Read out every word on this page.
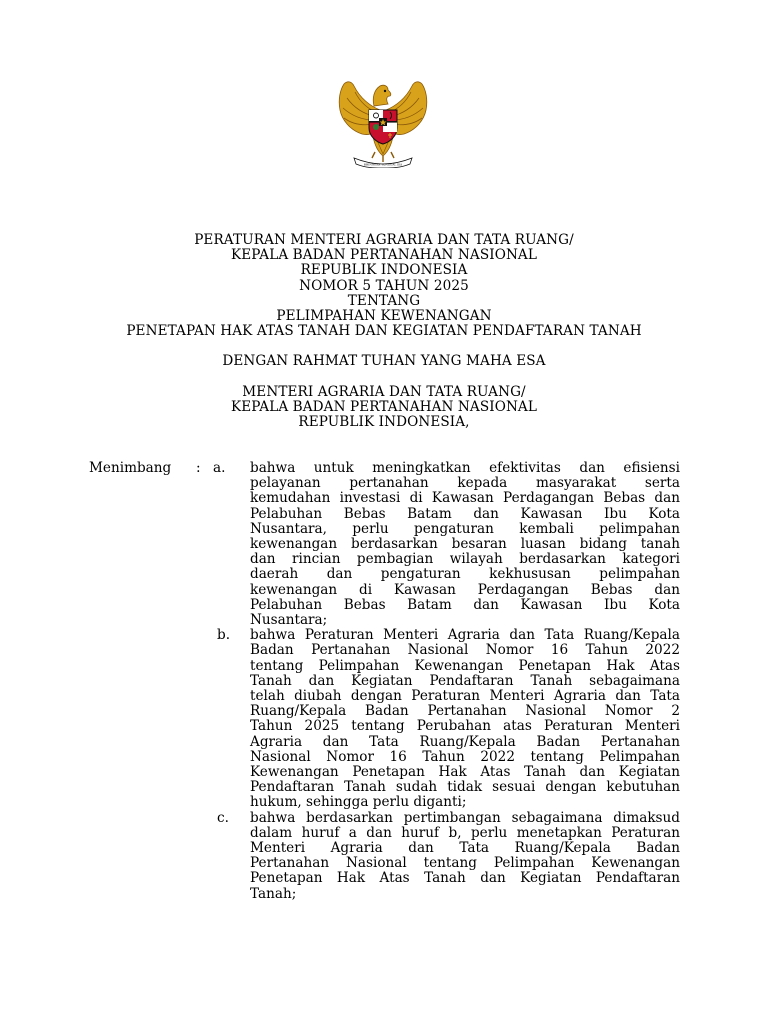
BHINNEKA TUNGGAL IKA
PERATURAN MENTERI AGRARIA DAN TATA RUANG/
KEPALA BADAN PERTANAHAN NASIONAL
REPUBLIK INDONESIA
NOMOR 5 TAHUN 2025
TENTANG
PELIMPAHAN KEWENANGAN
PENETAPAN HAK ATAS TANAH DAN KEGIATAN PENDAFTARAN TANAH
DENGAN RAHMAT TUHAN YANG MAHA ESA
MENTERI AGRARIA DAN TATA RUANG/
KEPALA BADAN PERTANAHAN NASIONAL
REPUBLIK INDONESIA,
Menimbang : a. bahwa untuk meningkatkan efektivitas dan efisiensi
pelayanan pertanahan kepada masyarakat serta
kemudahan investasi di Kawasan Perdagangan Bebas dan
Pelabuhan Bebas Batam dan Kawasan Ibu Kota
Nusantara, perlu pengaturan kembali pelimpahan
kewenangan berdasarkan besaran luasan bidang tanah
dan rincian pembagian wilayah berdasarkan kategori
daerah dan pengaturan kekhususan pelimpahan
kewenangan di Kawasan Perdagangan Bebas dan
Pelabuhan Bebas Batam dan Kawasan Ibu Kota
Nusantara;
b. bahwa Peraturan Menteri Agraria dan Tata Ruang/Kepala
Badan Pertanahan Nasional Nomor 16 Tahun 2022
tentang Pelimpahan Kewenangan Penetapan Hak Atas
Tanah dan Kegiatan Pendaftaran Tanah sebagaimana
telah diubah dengan Peraturan Menteri Agraria dan Tata
Ruang/Kepala Badan Pertanahan Nasional Nomor 2
Tahun 2025 tentang Perubahan atas Peraturan Menteri
Agraria dan Tata Ruang/Kepala Badan Pertanahan
Nasional Nomor 16 Tahun 2022 tentang Pelimpahan
Kewenangan Penetapan Hak Atas Tanah dan Kegiatan
Pendaftaran Tanah sudah tidak sesuai dengan kebutuhan
hukum, sehingga perlu diganti;
c. bahwa berdasarkan pertimbangan sebagaimana dimaksud
dalam huruf a dan huruf b, perlu menetapkan Peraturan
Menteri Agraria dan Tata Ruang/Kepala Badan
Pertanahan Nasional tentang Pelimpahan Kewenangan
Penetapan Hak Atas Tanah dan Kegiatan Pendaftaran
Tanah;
